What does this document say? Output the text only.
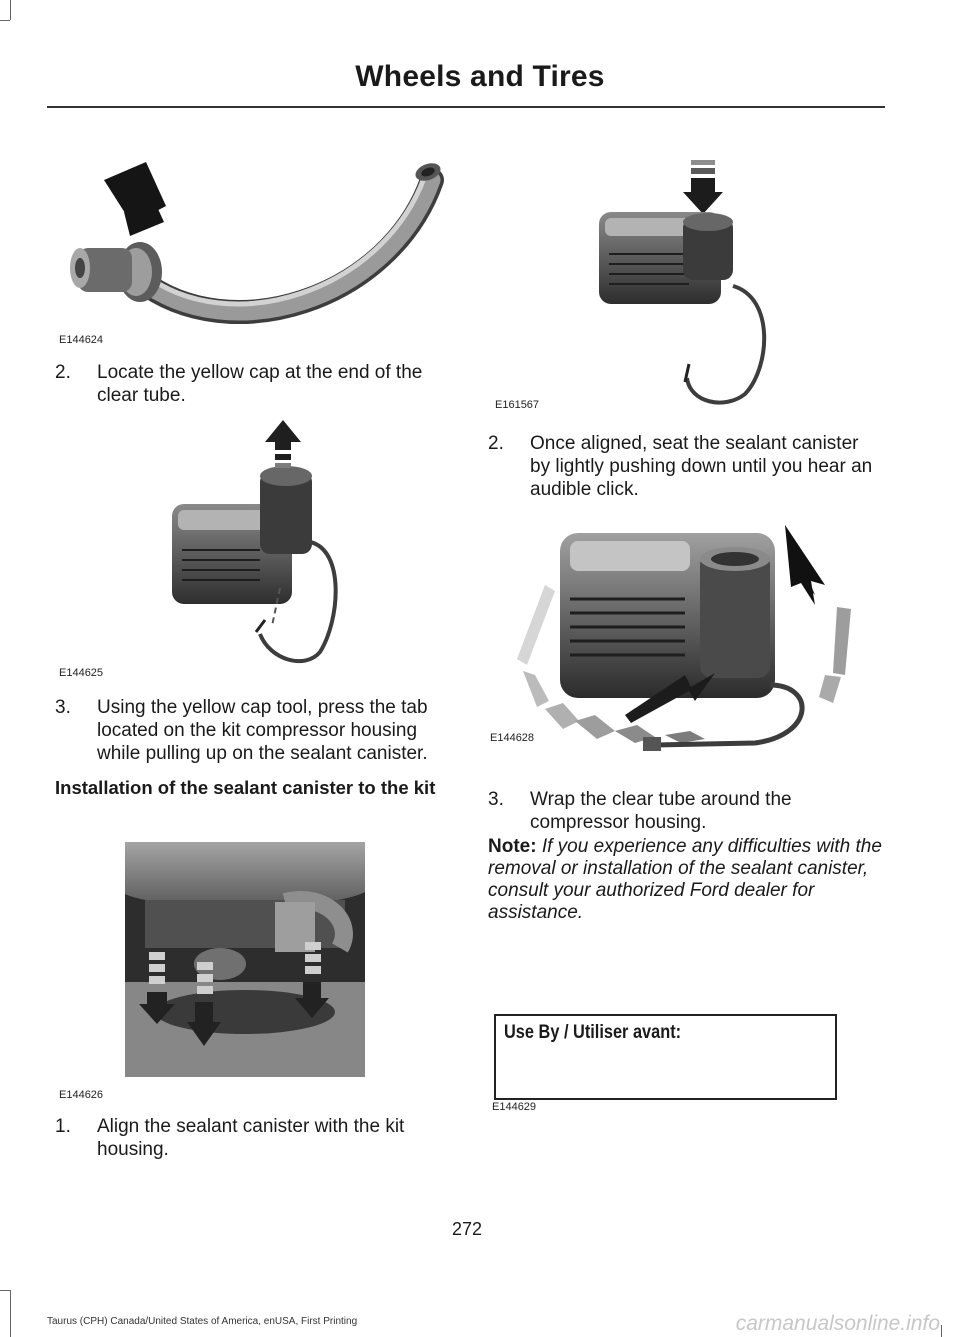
Wheels and Tires
E144624
2. Locate the yellow cap at the end of the clear tube.
E144625
3. Using the yellow cap tool, press the tab located on the kit compressor housing while pulling up on the sealant canister.
Installation of the sealant canister to the kit
E144626
1. Align the sealant canister with the kit housing.
E161567
2. Once aligned, seat the sealant canister by lightly pushing down until you hear an audible click.
E144628
3. Wrap the clear tube around the compressor housing.
Note: If you experience any difficulties with the removal or installation of the sealant canister, consult your authorized Ford dealer for assistance.
Use By / Utiliser avant:
E144629
272
Taurus (CPH) Canada/United States of America, enUSA, First Printing	carmanualsonline.info
